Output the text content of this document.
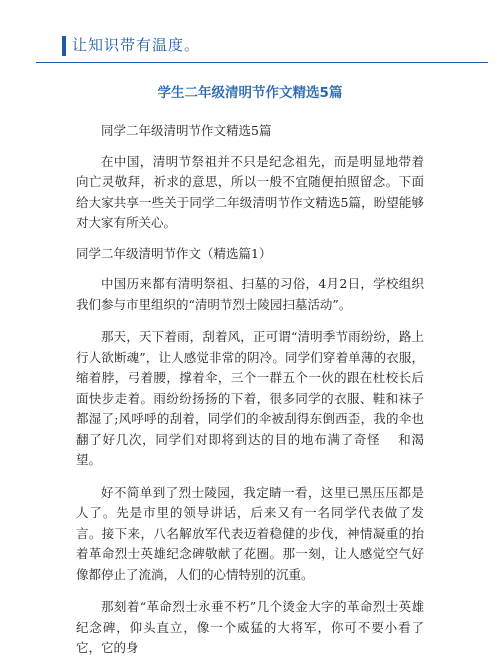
让知识带有温度。
学生二年级清明节作文精选5篇

同学二年级清明节作文精选5篇

在中国，清明节祭祖并不只是纪念祖先，而是明显地带着向亡灵敬拜，祈求的意思，所以一般不宜随便拍照留念。下面给大家共享一些关于同学二年级清明节作文精选5篇，盼望能够对大家有所关心。

同学二年级清明节作文（精选篇1）

中国历来都有清明祭祖、扫墓的习俗，4月2日，学校组织我们参与市里组织的“清明节烈士陵园扫墓活动”。

那天，天下着雨，刮着风，正可谓“清明季节雨纷纷，路上行人欲断魂”，让人感觉非常的阴冷。同学们穿着单薄的衣服，缩着脖，弓着腰，撑着伞，三个一群五个一伙的跟在杜校长后面快步走着。雨纷纷扬扬的下着，很多同学的衣服、鞋和袜子都湿了;风呼呼的刮着，同学们的伞被刮得东倒西歪，我的伞也翻了好几次，同学们对即将到达的目的地布满了奇怪　 和渴望。

好不简单到了烈士陵园，我定睛一看，这里已黑压压都是人了。先是市里的领导讲话，后来又有一名同学代表做了发言。接下来，八名解放军代表迈着稳健的步伐，神情凝重的抬着革命烈士英雄纪念碑敬献了花圈。那一刻，让人感觉空气好像都停止了流淌，人们的心情特别的沉重。

那刻着“革命烈士永垂不朽”几个烫金大字的革命烈士英雄纪念碑，仰头直立，像一个威猛的大将军，你可不要小看了它，它的身
